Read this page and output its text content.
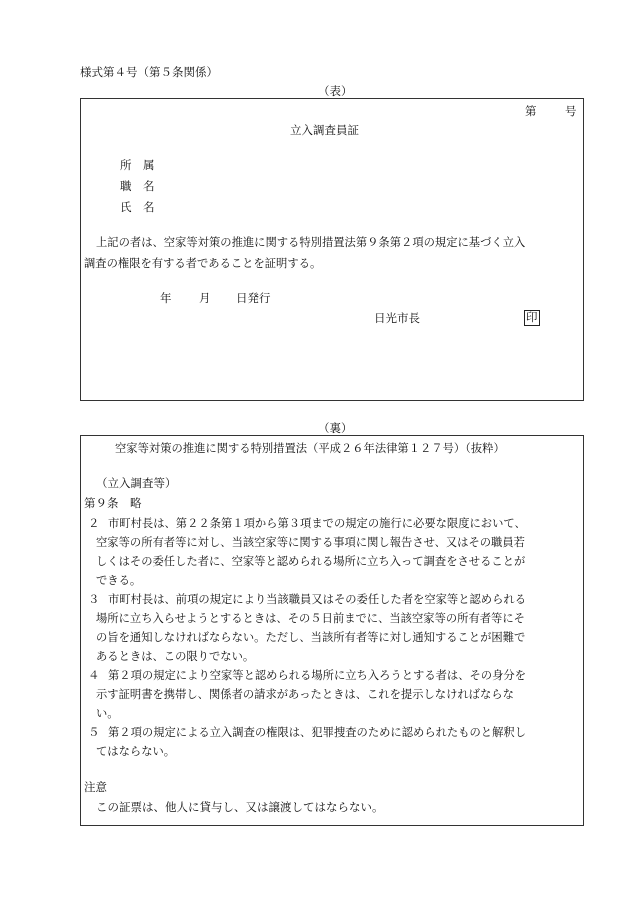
様式第４号（第５条関係）
（表）
第 号
立入調査員証
所　属
職　名
氏　名
上記の者は、空家等対策の推進に関する特別措置法第９条第２項の規定に基づく立入
調査の権限を有する者であることを証明する。
年 月 日発行
日光市長	印
（裏）
空家等対策の推進に関する特別措置法（平成２６年法律第１２７号）（抜粋）
（立入調査等）
第９条　略
２ 市町村長は、第２２条第１項から第３項までの規定の施行に必要な限度において、
空家等の所有者等に対し、当該空家等に関する事項に関し報告させ、又はその職員若
しくはその委任した者に、空家等と認められる場所に立ち入って調査をさせることが
できる。
３ 市町村長は、前項の規定により当該職員又はその委任した者を空家等と認められる
場所に立ち入らせようとするときは、その５日前までに、当該空家等の所有者等にそ
の旨を通知しなければならない。ただし、当該所有者等に対し通知することが困難で
あるときは、この限りでない。
４ 第２項の規定により空家等と認められる場所に立ち入ろうとする者は、その身分を
示す証明書を携帯し、関係者の請求があったときは、これを提示しなければならな
い。
５ 第２項の規定による立入調査の権限は、犯罪捜査のために認められたものと解釈し
てはならない。
注意
この証票は、他人に貸与し、又は譲渡してはならない。
